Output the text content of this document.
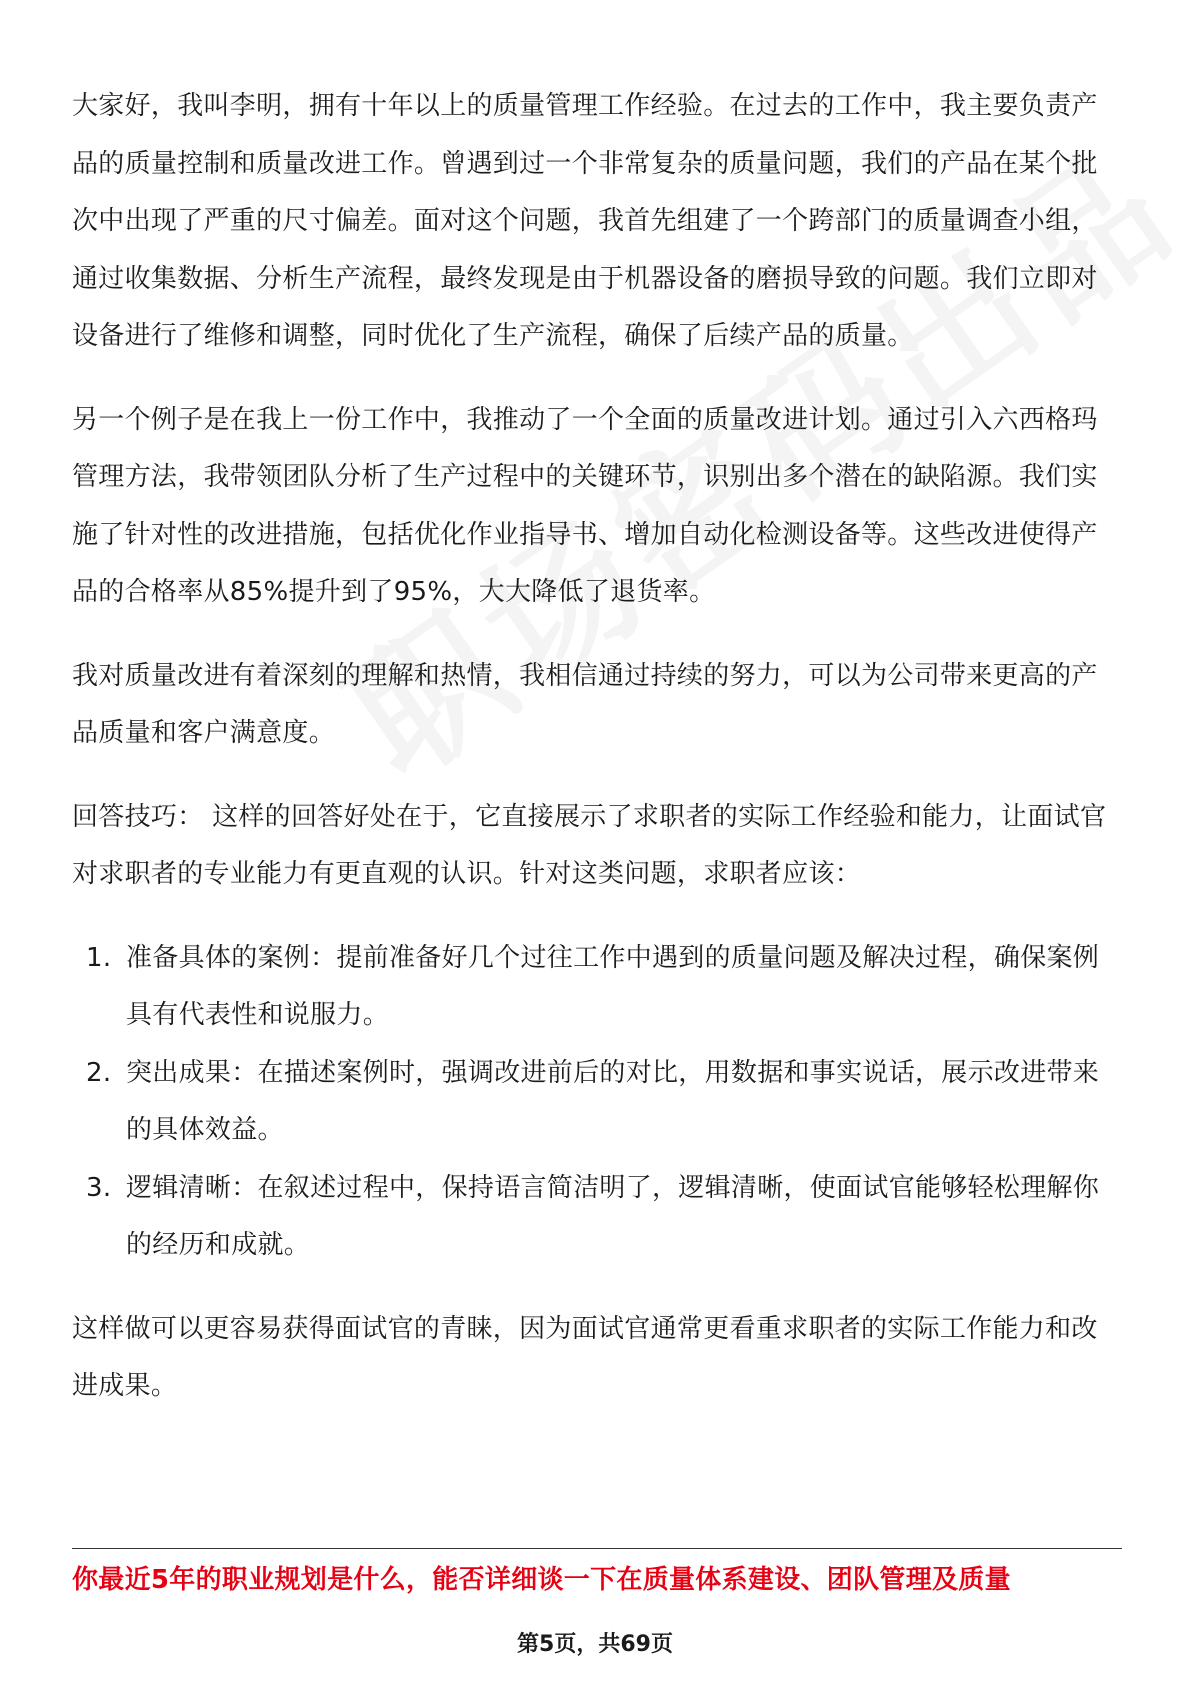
大家好，我叫李明，拥有十年以上的质量管理工作经验。在过去的工作中，我主要负责产品的质量控制和质量改进工作。曾遇到过一个非常复杂的质量问题，我们的产品在某个批次中出现了严重的尺寸偏差。面对这个问题，我首先组建了一个跨部门的质量调查小组，通过收集数据、分析生产流程，最终发现是由于机器设备的磨损导致的问题。我们立即对设备进行了维修和调整，同时优化了生产流程，确保了后续产品的质量。

另一个例子是在我上一份工作中，我推动了一个全面的质量改进计划。通过引入六西格玛管理方法，我带领团队分析了生产过程中的关键环节，识别出多个潜在的缺陷源。我们实施了针对性的改进措施，包括优化作业指导书、增加自动化检测设备等。这些改进使得产品的合格率从85%提升到了95%，大大降低了退货率。

我对质量改进有着深刻的理解和热情，我相信通过持续的努力，可以为公司带来更高的产品质量和客户满意度。

回答技巧： 这样的回答好处在于，它直接展示了求职者的实际工作经验和能力，让面试官对求职者的专业能力有更直观的认识。针对这类问题，求职者应该：

1. 准备具体的案例：提前准备好几个过往工作中遇到的质量问题及解决过程，确保案例具有代表性和说服力。
2. 突出成果：在描述案例时，强调改进前后的对比，用数据和事实说话，展示改进带来的具体效益。
3. 逻辑清晰：在叙述过程中，保持语言简洁明了，逻辑清晰，使面试官能够轻松理解你的经历和成就。

这样做可以更容易获得面试官的青睐，因为面试官通常更看重求职者的实际工作能力和改进成果。

你最近5年的职业规划是什么，能否详细谈一下在质量体系建设、团队管理及质量
第5页，共69页
